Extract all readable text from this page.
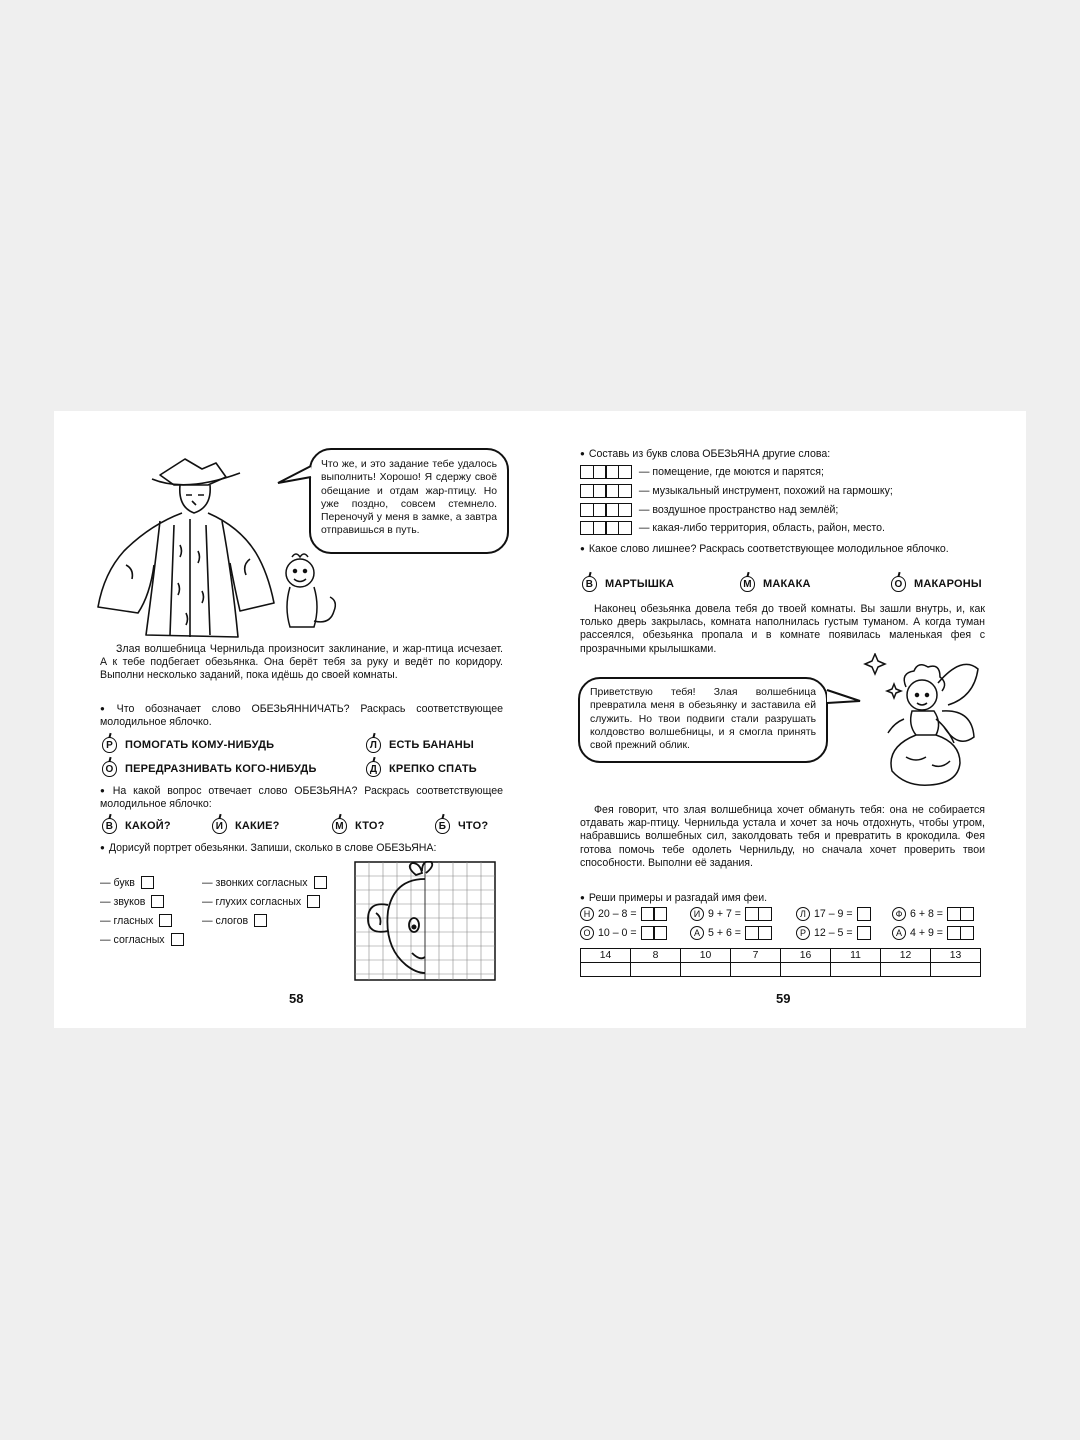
Что же, и это задание тебе удалось выполнить! Хорошо! Я сдержу своё обещание и отдам жар-птицу. Но уже поздно, совсем стемнело. Переночуй у меня в замке, а завтра отправишься в путь.
Злая волшебница Чернильда произносит заклинание, и жар-птица исчезает. А к тебе подбегает обезьянка. Она берёт тебя за руку и ведёт по коридору. Выполни несколько заданий, пока идёшь до своей комнаты.
● Что обозначает слово ОБЕЗЬЯННИЧАТЬ? Раскрась соответствующее молодильное яблочко.
Р	ПОМОГАТЬ КОМУ-НИБУДЬ	Л	ЕСТЬ БАНАНЫ
О	ПЕРЕДРАЗНИВАТЬ КОГО-НИБУДЬ	Д	КРЕПКО СПАТЬ
● На какой вопрос отвечает слово ОБЕЗЬЯНА? Раскрась соответствующее молодильное яблочко:
В	КАКОЙ?	И	КАКИЕ?	М КТО?	Б	ЧТО?
● Дорисуй портрет обезьянки. Запиши, сколько в слове ОБЕЗЬЯНА:
— букв
— звуков
— гласных
— согласных
— звонких согласных
— глухих согласных
— слогов
58
● Составь из букв слова ОБЕЗЬЯНА другие слова:
— помещение, где моются и парятся;
— музыкальный инструмент, похожий на гармошку;
— воздушное пространство над землёй;
— какая-либо территория, область, район, место.
● Какое слово лишнее? Раскрась соответствующее молодильное яблочко.
В	МАРТЫШКА	М МАКАКА	О	МАКАРОНЫ
Наконец обезьянка довела тебя до твоей комнаты. Вы зашли внутрь, и, как только дверь закрылась, комната наполнилась густым туманом. А когда туман рассеялся, обезьянка пропала и в комнате появилась маленькая фея с прозрачными крылышками.
Приветствую тебя! Злая волшебница превратила меня в обезьянку и заставила ей служить. Но твои подвиги стали разрушать колдовство волшебницы, и я смогла принять свой прежний облик.
Фея говорит, что злая волшебница хочет обмануть тебя: она не собирается отдавать жар-птицу. Чернильда устала и хочет за ночь отдохнуть, чтобы утром, набравшись волшебных сил, заколдовать тебя и превратить в крокодила. Фея готова помочь тебе одолеть Чернильду, но сначала хочет проверить твои способности. Выполни её задания.
● Реши примеры и разгадай имя феи.
Н 20 – 8 =	И 9 + 7 =	Л 17 – 9 =	Ф 6 + 8 =
О 10 – 0 =	А 5 + 6 =	Р 12 – 5 =	А 4 + 9 =
14	8	10	7	16	11	12	13

59
